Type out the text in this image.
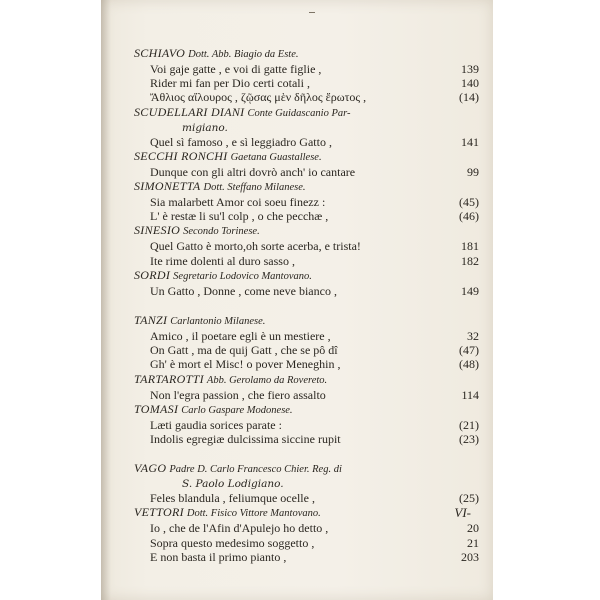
SCHIAVO Dott. Abb. Biagio da Este.
Voi gaje gatte , e voi di gatte figlie ,	139
Rider mi fan per Dio certi cotali ,	140
Ἄθλιος αἴλουρος , ζῷσας μὲν δῆλος ἔρωτος ,	(14)
SCUDELLARI DIANI Conte Guidascanio Par-
migiano.
Quel sì famoso , e sì leggiadro Gatto ,	141
SECCHI RONCHI Gaetana Guastallese.
Dunque con gli altri dovrò anch' io cantare	99
SIMONETTA Dott. Steffano Milanese.
Sia malarbett Amor coi soeu finezz :	(45)
L' è restæ li su'l colp , o che pecchæ ,	(46)
SINESIO Secondo Torinese.
Quel Gatto è morto,oh sorte acerba, e trista!	181
Ite rime dolenti al duro sasso ,	182
SORDI Segretario Lodovico Mantovano.
Un Gatto , Donne , come neve bianco ,	149
TANZI Carlantonio Milanese.
Amico , il poetare egli è un mestiere ,	32
On Gatt , ma de quij Gatt , che se pô dî	(47)
Gh' è mort el Misc! o pover Meneghin ,	(48)
TARTAROTTI Abb. Gerolamo da Rovereto.
Non l'egra passion , che fiero assalto	114
TOMASI Carlo Gaspare Modonese.
Læti gaudia sorices parate :	(21)
Indolis egregiæ dulcissima siccine rupit	(23)
VAGO Padre D. Carlo Francesco Chier. Reg. di
S. Paolo Lodigiano.
Feles blandula , feliumque ocelle ,	(25)
VETTORI Dott. Fisico Vittore Mantovano.
Io , che de l'Afin d'Apulejo ho detto ,	20
Sopra questo medesimo soggetto ,	21
E non basta il primo pianto ,	203
VI-
